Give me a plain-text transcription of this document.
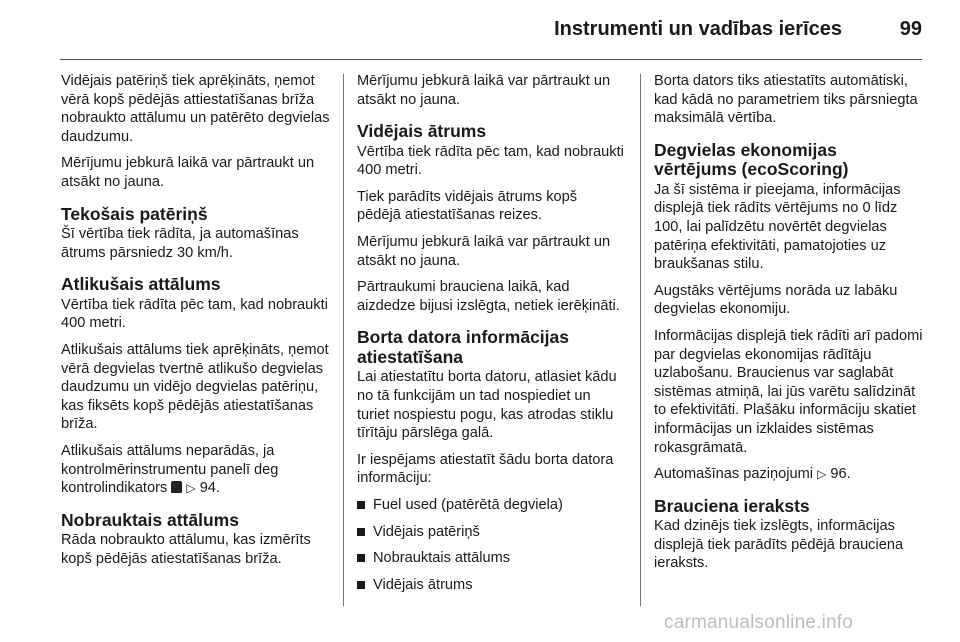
Instrumenti un vadības ierīces	99

Vidējais patēriņš tiek aprēķināts, ņemot vērā kopš pēdējās attiestatīšanas brīža nobraukto attālumu un patērēto degvielas daudzumu.

Mērījumu jebkurā laikā var pārtraukt un atsākt no jauna.

Tekošais patēriņš

Šī vērtība tiek rādīta, ja automašīnas ātrums pārsniedz 30 km/h.

Atlikušais attālums

Vērtība tiek rādīta pēc tam, kad nobraukti 400 metri.

Atlikušais attālums tiek aprēķināts, ņemot vērā degvielas tvertnē atlikušo degvielas daudzumu un vidējo degvielas patēriņu, kas fiksēts kopš pēdējās atiestatīšanas brīža.

Atlikušais attālums neparādās, ja kontrolmērinstrumentu panelī deg kontrolindikators ▷ 94.

Nobrauktais attālums

Rāda nobraukto attālumu, kas izmērīts kopš pēdējās atiestatīšanas brīža.

Mērījumu jebkurā laikā var pārtraukt un atsākt no jauna.

Vidējais ātrums

Vērtība tiek rādīta pēc tam, kad nobraukti 400 metri.

Tiek parādīts vidējais ātrums kopš pēdējā atiestatīšanas reizes.

Mērījumu jebkurā laikā var pārtraukt un atsākt no jauna.

Pārtraukumi brauciena laikā, kad aizdedze bijusi izslēgta, netiek ierēķināti.

Borta datora informācijas atiestatīšana

Lai atiestatītu borta datoru, atlasiet kādu no tā funkcijām un tad nospiediet un turiet nospiestu pogu, kas atrodas stiklu tīrītāju pārslēga galā.

Ir iespējams atiestatīt šādu borta datora informāciju:

Fuel used (patērētā degviela)
Vidējais patēriņš
Nobrauktais attālums
Vidējais ātrums

Borta dators tiks atiestatīts automātiski, kad kādā no parametriem tiks pārsniegta maksimālā vērtība.

Degvielas ekonomijas vērtējums (ecoScoring)

Ja šī sistēma ir pieejama, informācijas displejā tiek rādīts vērtējums no 0 līdz 100, lai palīdzētu novērtēt degvielas patēriņa efektivitāti, pamatojoties uz braukšanas stilu.

Augstāks vērtējums norāda uz labāku degvielas ekonomiju.

Informācijas displejā tiek rādīti arī padomi par degvielas ekonomijas rādītāju uzlabošanu. Braucienus var saglabāt sistēmas atmiņā, lai jūs varētu salīdzināt to efektivitāti. Plašāku informāciju skatiet informācijas un izklaides sistēmas rokasgrāmatā.

Automašīnas paziņojumi ▷ 96.

Brauciena ieraksts

Kad dzinējs tiek izslēgts, informācijas displejā tiek parādīts pēdējā brauciena ieraksts.

carmanualsonline.info
